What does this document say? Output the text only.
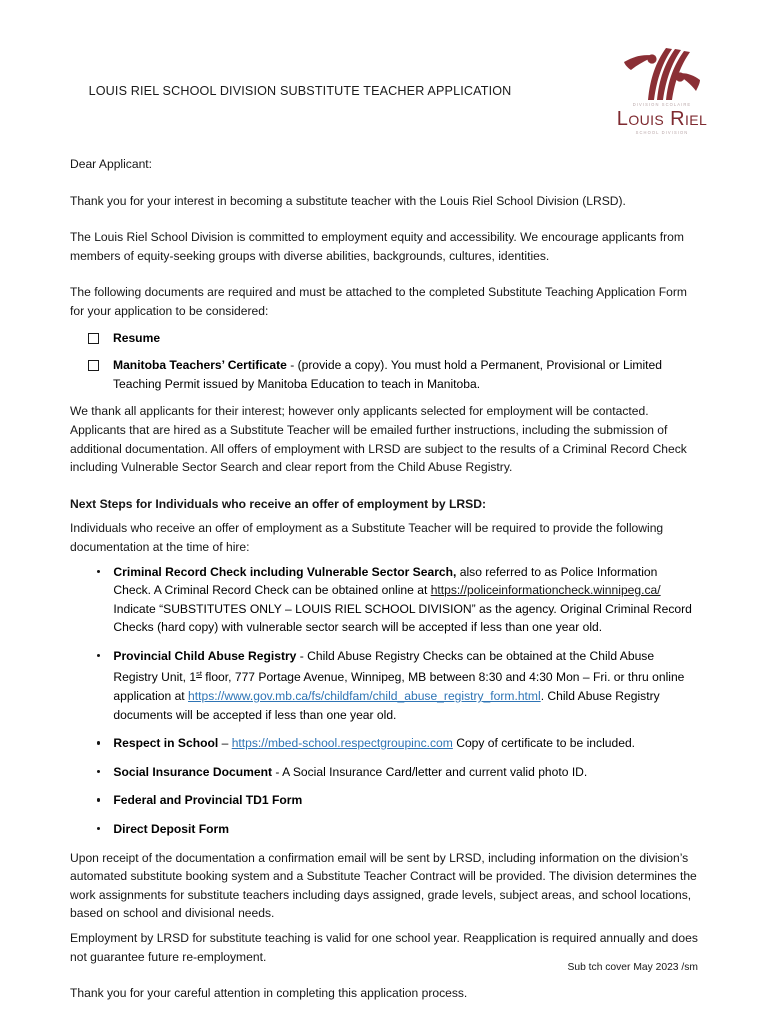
LOUIS RIEL SCHOOL DIVISION SUBSTITUTE TEACHER APPLICATION
DIVISION SCOLAIRE
LOUIS RIEL
SCHOOL DIVISION

Dear Applicant:

Thank you for your interest in becoming a substitute teacher with the Louis Riel School Division (LRSD).

The Louis Riel School Division is committed to employment equity and accessibility. We encourage applicants from members of equity-seeking groups with diverse abilities, backgrounds, cultures, identities.

The following documents are required and must be attached to the completed Substitute Teaching Application Form for your application to be considered:

Resume
Manitoba Teachers’ Certificate - (provide a copy). You must hold a Permanent, Provisional or Limited Teaching Permit issued by Manitoba Education to teach in Manitoba.

We thank all applicants for their interest; however only applicants selected for employment will be contacted. Applicants that are hired as a Substitute Teacher will be emailed further instructions, including the submission of additional documentation. All offers of employment with LRSD are subject to the results of a Criminal Record Check including Vulnerable Sector Search and clear report from the Child Abuse Registry.

Next Steps for Individuals who receive an offer of employment by LRSD:

Individuals who receive an offer of employment as a Substitute Teacher will be required to provide the following documentation at the time of hire:

Criminal Record Check including Vulnerable Sector Search, also referred to as Police Information Check. A Criminal Record Check can be obtained online at https://policeinformationcheck.winnipeg.ca/ Indicate “SUBSTITUTES ONLY – LOUIS RIEL SCHOOL DIVISION” as the agency. Original Criminal Record Checks (hard copy) with vulnerable sector search will be accepted if less than one year old.
Provincial Child Abuse Registry - Child Abuse Registry Checks can be obtained at the Child Abuse Registry Unit, 1st floor, 777 Portage Avenue, Winnipeg, MB between 8:30 and 4:30 Mon – Fri. or thru online application at https://www.gov.mb.ca/fs/childfam/child_abuse_registry_form.html. Child Abuse Registry documents will be accepted if less than one year old.
Respect in School – https://mbed-school.respectgroupinc.com Copy of certificate to be included.
Social Insurance Document - A Social Insurance Card/letter and current valid photo ID.
Federal and Provincial TD1 Form
Direct Deposit Form

Upon receipt of the documentation a confirmation email will be sent by LRSD, including information on the division’s automated substitute booking system and a Substitute Teacher Contract will be provided. The division determines the work assignments for substitute teachers including days assigned, grade levels, subject areas, and school locations, based on school and divisional needs.

Employment by LRSD for substitute teaching is valid for one school year. Reapplication is required annually and does not guarantee future re-employment.

Thank you for your careful attention in completing this application process.

Sub tch cover May 2023 /sm
